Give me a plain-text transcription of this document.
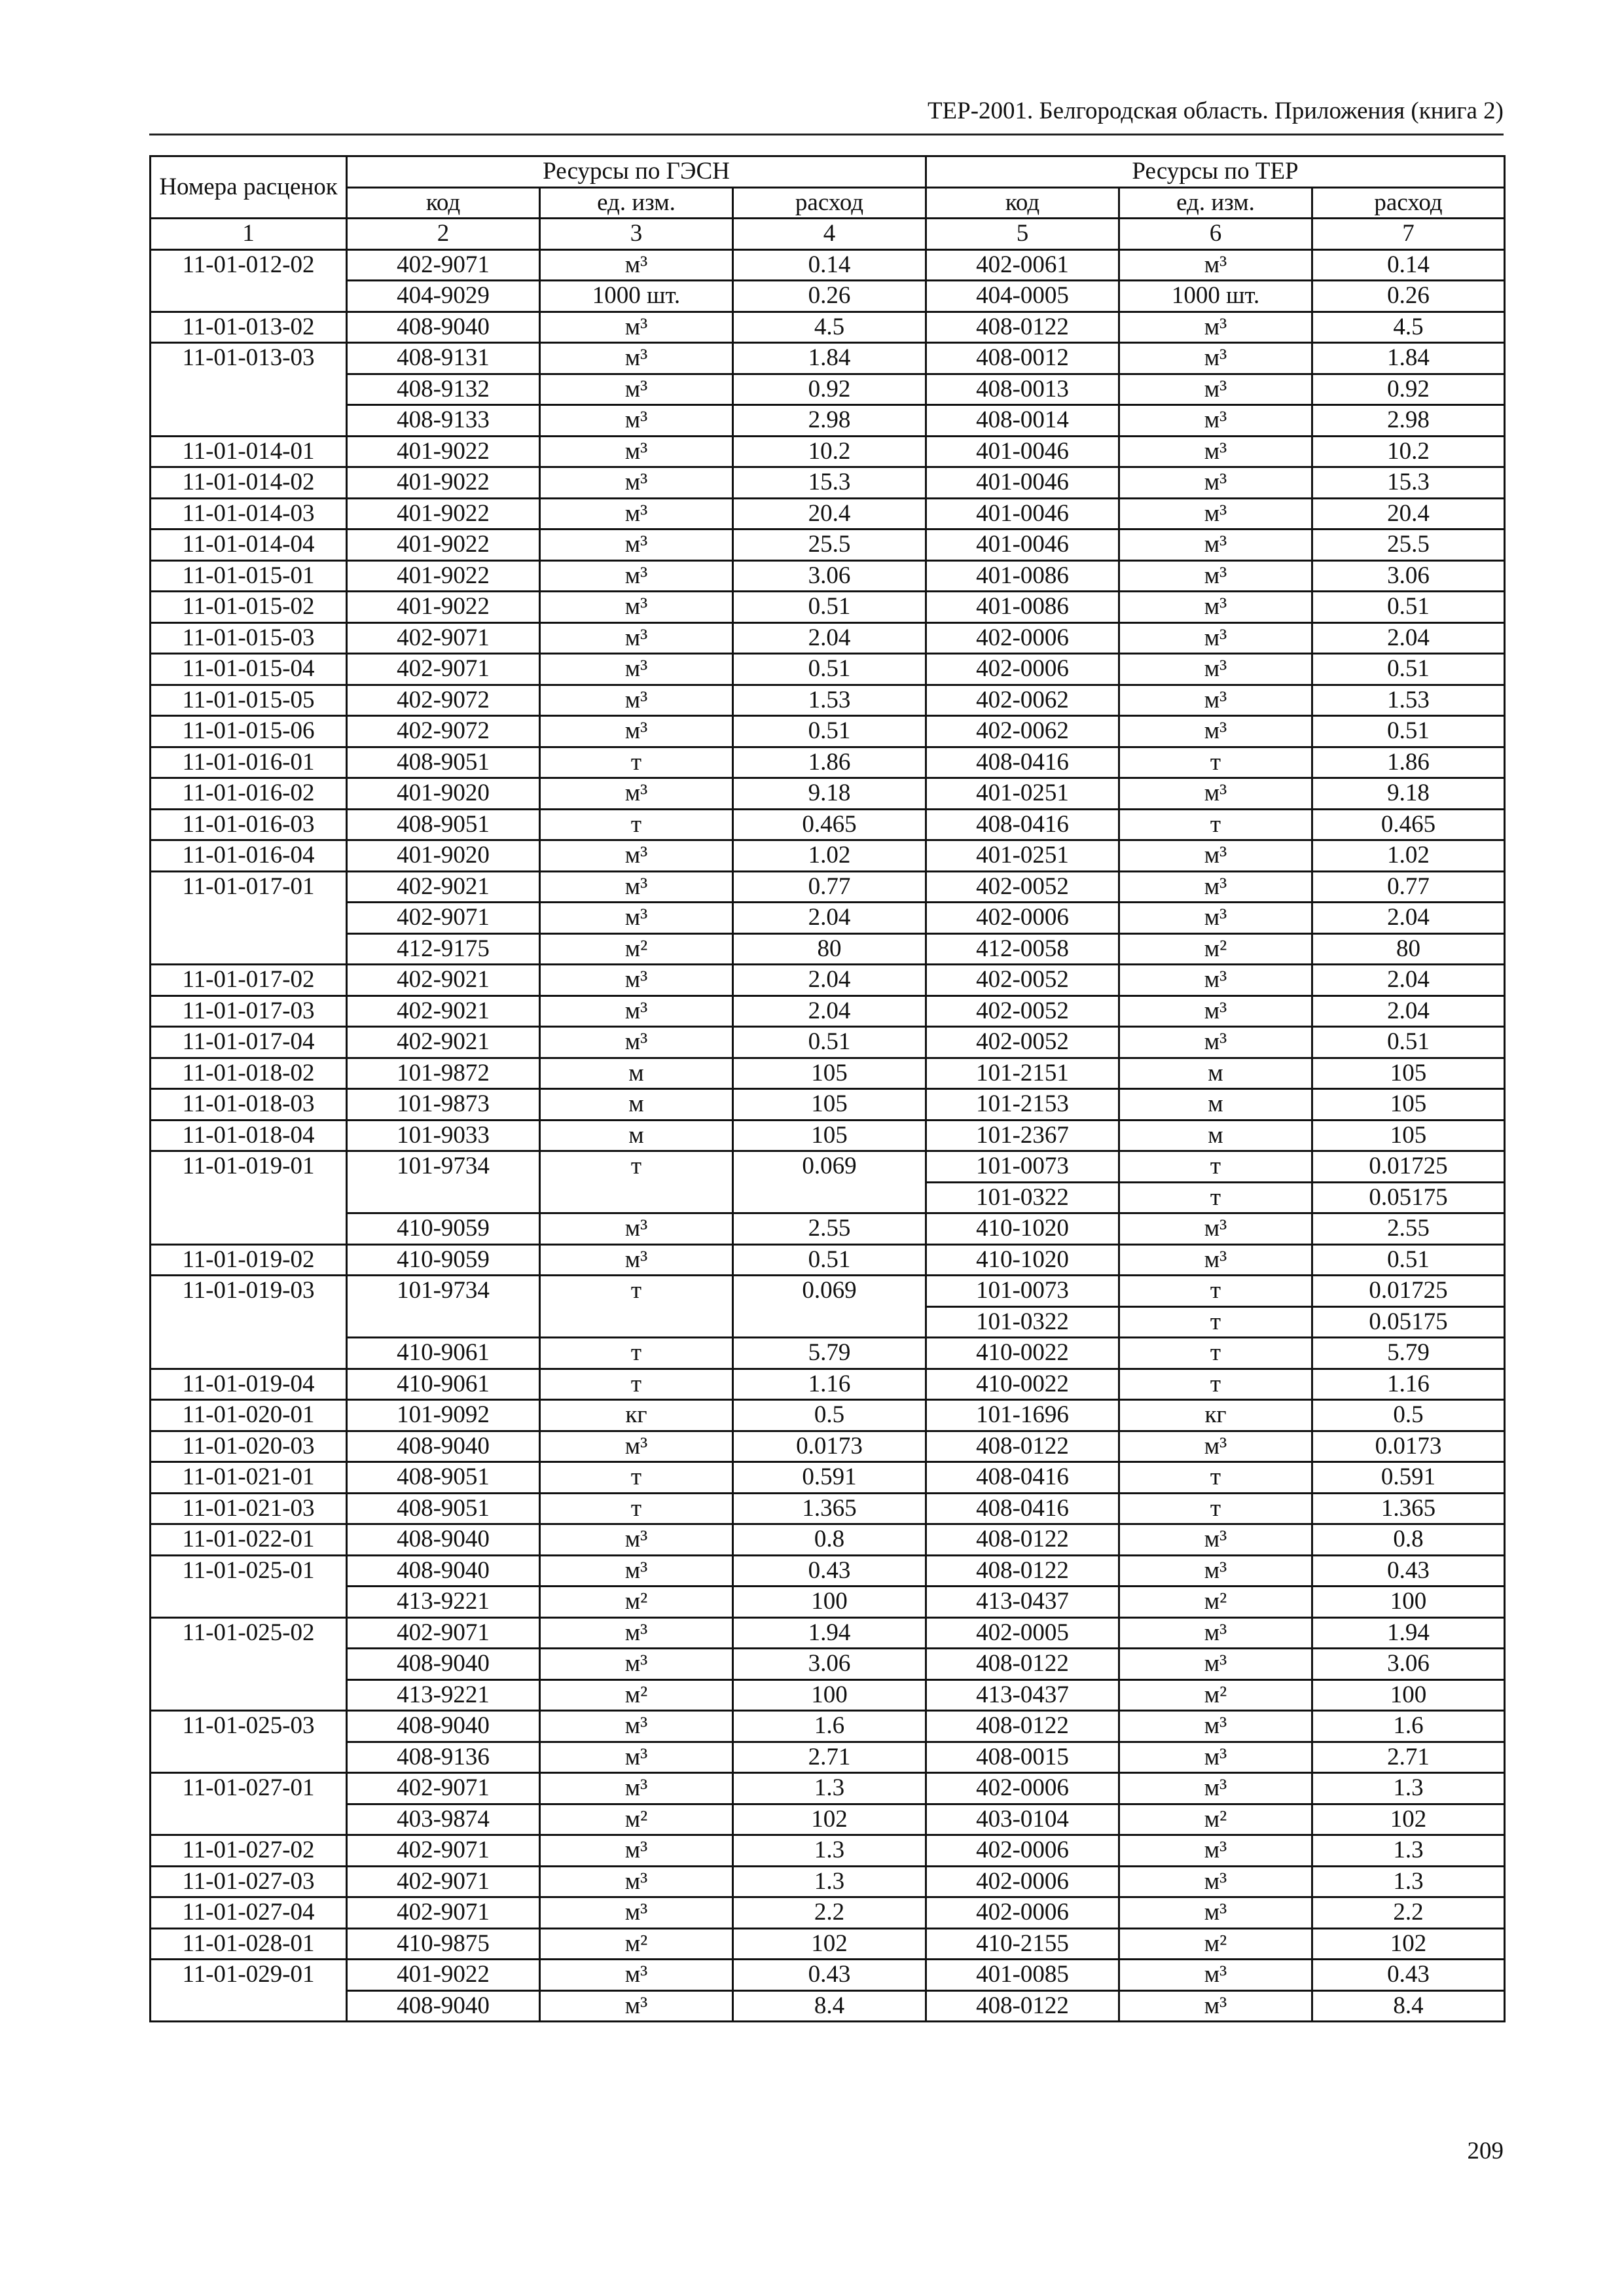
ТЕР-2001. Белгородская область. Приложения (книга 2)
Номера расценок	Ресурсы по ГЭСН			Ресурсы по ТЕР		
	код	ед. изм.	расход	код	ед. изм.	расход
1	2	3	4	5	6	7
11-01-012-02	402-9071	м³	0.14	402-0061	м³	0.14
	404-9029	1000 шт.	0.26	404-0005	1000 шт.	0.26
11-01-013-02	408-9040	м³	4.5	408-0122	м³	4.5
11-01-013-03	408-9131	м³	1.84	408-0012	м³	1.84
	408-9132	м³	0.92	408-0013	м³	0.92
	408-9133	м³	2.98	408-0014	м³	2.98
11-01-014-01	401-9022	м³	10.2	401-0046	м³	10.2
11-01-014-02	401-9022	м³	15.3	401-0046	м³	15.3
11-01-014-03	401-9022	м³	20.4	401-0046	м³	20.4
11-01-014-04	401-9022	м³	25.5	401-0046	м³	25.5
11-01-015-01	401-9022	м³	3.06	401-0086	м³	3.06
11-01-015-02	401-9022	м³	0.51	401-0086	м³	0.51
11-01-015-03	402-9071	м³	2.04	402-0006	м³	2.04
11-01-015-04	402-9071	м³	0.51	402-0006	м³	0.51
11-01-015-05	402-9072	м³	1.53	402-0062	м³	1.53
11-01-015-06	402-9072	м³	0.51	402-0062	м³	0.51
11-01-016-01	408-9051	т	1.86	408-0416	т	1.86
11-01-016-02	401-9020	м³	9.18	401-0251	м³	9.18
11-01-016-03	408-9051	т	0.465	408-0416	т	0.465
11-01-016-04	401-9020	м³	1.02	401-0251	м³	1.02
11-01-017-01	402-9021	м³	0.77	402-0052	м³	0.77
	402-9071	м³	2.04	402-0006	м³	2.04
	412-9175	м²	80	412-0058	м²	80
11-01-017-02	402-9021	м³	2.04	402-0052	м³	2.04
11-01-017-03	402-9021	м³	2.04	402-0052	м³	2.04
11-01-017-04	402-9021	м³	0.51	402-0052	м³	0.51
11-01-018-02	101-9872	м	105	101-2151	м	105
11-01-018-03	101-9873	м	105	101-2153	м	105
11-01-018-04	101-9033	м	105	101-2367	м	105
11-01-019-01	101-9734	т	0.069	101-0073	т	0.01725
				101-0322	т	0.05175
	410-9059	м³	2.55	410-1020	м³	2.55
11-01-019-02	410-9059	м³	0.51	410-1020	м³	0.51
11-01-019-03	101-9734	т	0.069	101-0073	т	0.01725
				101-0322	т	0.05175
	410-9061	т	5.79	410-0022	т	5.79
11-01-019-04	410-9061	т	1.16	410-0022	т	1.16
11-01-020-01	101-9092	кг	0.5	101-1696	кг	0.5
11-01-020-03	408-9040	м³	0.0173	408-0122	м³	0.0173
11-01-021-01	408-9051	т	0.591	408-0416	т	0.591
11-01-021-03	408-9051	т	1.365	408-0416	т	1.365
11-01-022-01	408-9040	м³	0.8	408-0122	м³	0.8
11-01-025-01	408-9040	м³	0.43	408-0122	м³	0.43
	413-9221	м²	100	413-0437	м²	100
11-01-025-02	402-9071	м³	1.94	402-0005	м³	1.94
	408-9040	м³	3.06	408-0122	м³	3.06
	413-9221	м²	100	413-0437	м²	100
11-01-025-03	408-9040	м³	1.6	408-0122	м³	1.6
	408-9136	м³	2.71	408-0015	м³	2.71
11-01-027-01	402-9071	м³	1.3	402-0006	м³	1.3
	403-9874	м²	102	403-0104	м²	102
11-01-027-02	402-9071	м³	1.3	402-0006	м³	1.3
11-01-027-03	402-9071	м³	1.3	402-0006	м³	1.3
11-01-027-04	402-9071	м³	2.2	402-0006	м³	2.2
11-01-028-01	410-9875	м²	102	410-2155	м²	102
11-01-029-01	401-9022	м³	0.43	401-0085	м³	0.43
	408-9040	м³	8.4	408-0122	м³	8.4
209
